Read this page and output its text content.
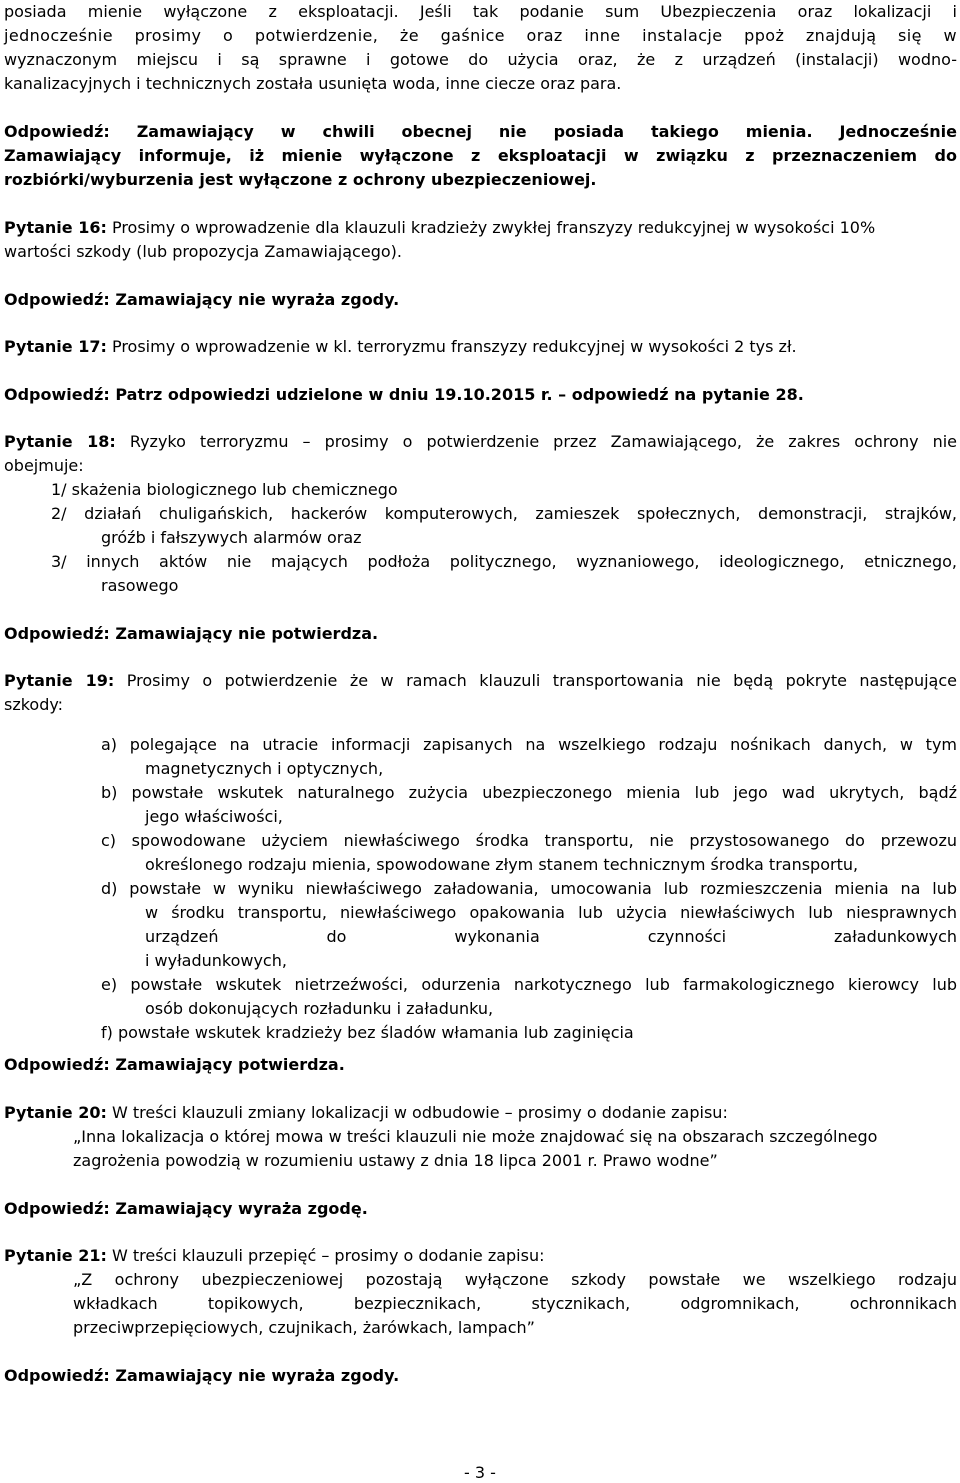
posiada mienie wyłączone z eksploatacji. Jeśli tak podanie sum Ubezpieczenia oraz lokalizacji i
jednocześnie prosimy o potwierdzenie, że gaśnice oraz inne instalacje ppoż znajdują się w
wyznaczonym miejscu i są sprawne i gotowe do użycia oraz, że z urządzeń (instalacji) wodno-
kanalizacyjnych i technicznych została usunięta woda, inne ciecze oraz para.
Odpowiedź: Zamawiający w chwili obecnej nie posiada takiego mienia. Jednocześnie
Zamawiający informuje, iż mienie wyłączone z eksploatacji w związku z przeznaczeniem do
rozbiórki/wyburzenia jest wyłączone z ochrony ubezpieczeniowej.
Pytanie 16: Prosimy o wprowadzenie dla klauzuli kradzieży zwykłej franszyzy redukcyjnej w wysokości 10%
wartości szkody (lub propozycja Zamawiającego).
Odpowiedź: Zamawiający nie wyraża zgody.
Pytanie 17: Prosimy o wprowadzenie w kl. terroryzmu franszyzy redukcyjnej w wysokości 2 tys zł.
Odpowiedź: Patrz odpowiedzi udzielone w dniu 19.10.2015 r. – odpowiedź na pytanie 28.
Pytanie 18: Ryzyko terroryzmu – prosimy o potwierdzenie przez Zamawiającego, że zakres ochrony nie
obejmuje:
1/ skażenia biologicznego lub chemicznego
2/ działań chuligańskich, hackerów komputerowych, zamieszek społecznych, demonstracji, strajków,
gróźb i fałszywych alarmów oraz
3/ innych aktów nie mających podłoża politycznego, wyznaniowego, ideologicznego, etnicznego,
rasowego
Odpowiedź: Zamawiający nie potwierdza.
Pytanie 19: Prosimy o potwierdzenie że w ramach klauzuli transportowania nie będą pokryte następujące
szkody:
a) polegające na utracie informacji zapisanych na wszelkiego rodzaju nośnikach danych, w tym
magnetycznych i optycznych,
b) powstałe wskutek naturalnego zużycia ubezpieczonego mienia lub jego wad ukrytych, bądź
jego właściwości,
c) spowodowane użyciem niewłaściwego środka transportu, nie przystosowanego do przewozu
określonego rodzaju mienia, spowodowane złym stanem technicznym środka transportu,
d) powstałe w wyniku niewłaściwego załadowania, umocowania lub rozmieszczenia mienia na lub
w środku transportu, niewłaściwego opakowania lub użycia niewłaściwych lub niesprawnych
urządzeń do wykonania czynności załadunkowych
i wyładunkowych,
e) powstałe wskutek nietrzeźwości, odurzenia narkotycznego lub farmakologicznego kierowcy lub
osób dokonujących rozładunku i załadunku,
f) powstałe wskutek kradzieży bez śladów włamania lub zaginięcia
Odpowiedź: Zamawiający potwierdza.
Pytanie 20: W treści klauzuli zmiany lokalizacji w odbudowie – prosimy o dodanie zapisu:
„Inna lokalizacja o której mowa w treści klauzuli nie może znajdować się na obszarach szczególnego
zagrożenia powodzią w rozumieniu ustawy z dnia 18 lipca 2001 r. Prawo wodne”
Odpowiedź: Zamawiający wyraża zgodę.
Pytanie 21: W treści klauzuli przepięć – prosimy o dodanie zapisu:
„Z ochrony ubezpieczeniowej pozostają wyłączone szkody powstałe we wszelkiego rodzaju
wkładkach topikowych, bezpiecznikach, stycznikach, odgromnikach, ochronnikach
przeciwprzepięciowych, czujnikach, żarówkach, lampach”
Odpowiedź: Zamawiający nie wyraża zgody.
- 3 -
